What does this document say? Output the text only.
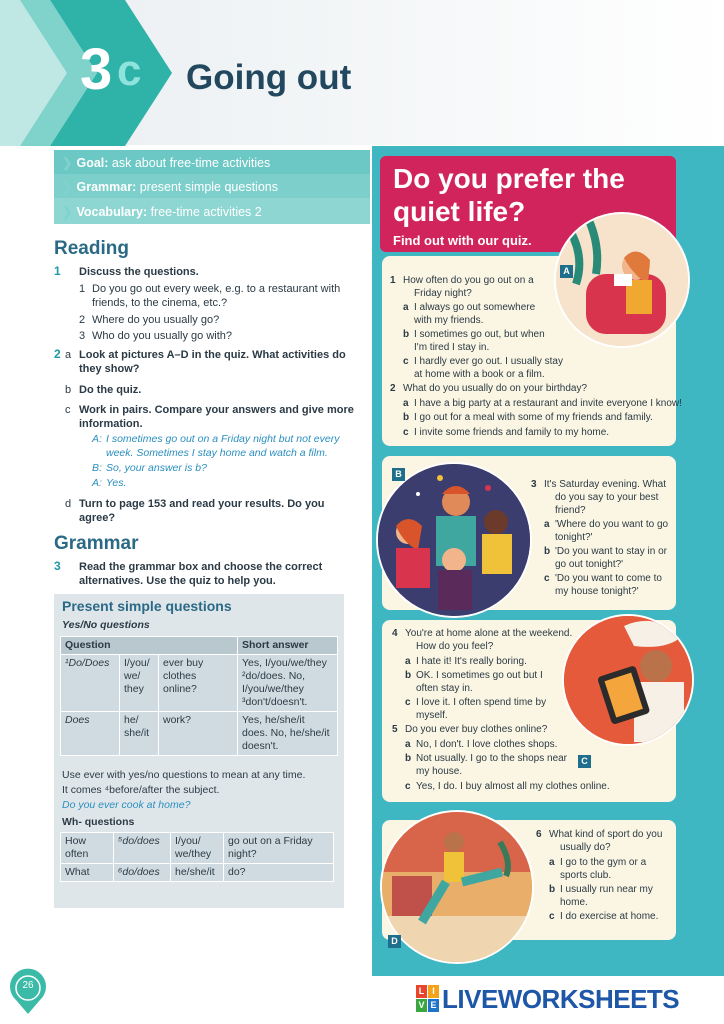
3 c Going out
❯ Goal: ask about free-time activities
❯ Grammar: present simple questions
❯ Vocabulary: free-time activities 2
Reading
1 Discuss the questions.
1 Do you go out every week, e.g. to a restaurant with
friends, to the cinema, etc.?
2 Where do you usually go?
3 Who do you usually go with?
2 a Look at pictures A–D in the quiz. What activities do
they show?
b Do the quiz.
c Work in pairs. Compare your answers and give more
information.
A: I sometimes go out on a Friday night but not every
week. Sometimes I stay home and watch a film.
B: So, your answer is b?
A: Yes.
d Turn to page 153 and read your results. Do you
agree?
Grammar
3 Read the grammar box and choose the correct
alternatives. Use the quiz to help you.
Present simple questions
Yes/No questions
Question			Short answer
¹Do/Does	I/you/ we/ they	ever buy clothes online?	Yes, I/you/we/they ²do/does. No, I/you/we/they ³don't/doesn't.
Does	he/ she/it	work?	Yes, he/she/it does. No, he/she/it doesn't.
Use ever with yes/no questions to mean at any time.
It comes ⁴before/after the subject.
Do you ever cook at home?
Wh- questions
How often	⁵do/does	I/you/ we/they	go out on a Friday night?
What	⁶do/does	he/she/it	do?
Do you prefer the
quiet life?
Find out with our quiz.
A
1 How often do you go out on a
Friday night?
a I always go out somewhere
with my friends.
b I sometimes go out, but when
I'm tired I stay in.
c I hardly ever go out. I usually stay
at home with a book or a film.
2 What do you usually do on your birthday?
a I have a big party at a restaurant and invite everyone I know!
b I go out for a meal with some of my friends and family.
c I invite some friends and family to my home.
B
3 It's Saturday evening. What
do you say to your best
friend?
a 'Where do you want to go
tonight?'
b 'Do you want to stay in or
go out tonight?'
c 'Do you want to come to
my house tonight?'
C
4 You're at home alone at the weekend.
How do you feel?
a I hate it! It's really boring.
b OK. I sometimes go out but I
often stay in.
c I love it. I often spend time by
myself.
5 Do you ever buy clothes online?
a No, I don't. I love clothes shops.
b Not usually. I go to the shops near
my house.
c Yes, I do. I buy almost all my clothes online.
D
6 What kind of sport do you
usually do?
a I go to the gym or a
sports club.
b I usually run near my
home.
c I do exercise at home.
26	L I
V E LIVEWORKSHEETS
